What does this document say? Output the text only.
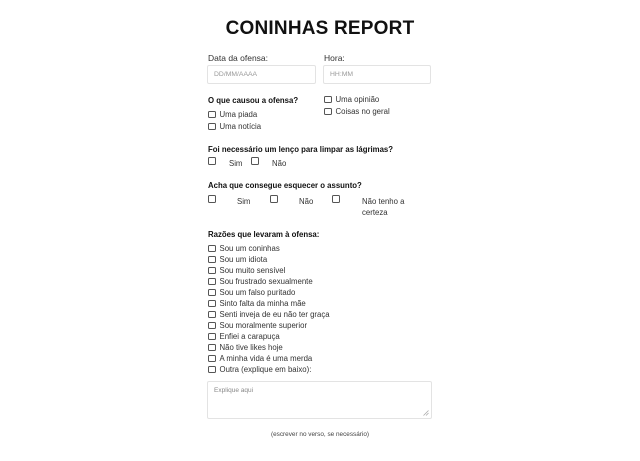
CONINHAS REPORT
Data da ofensa:
DD/MM/AAAA
Hora:
HH:MM
O que causou a ofensa?
Uma piada
Uma notícia
Uma opinião
Coisas no geral
Foi necessário um lenço para limpar as lágrimas?
Sim	Não
Acha que consegue esquecer o assunto?
Sim	Não	Não tenho a
certeza
Razões que levaram à ofensa:
Sou um coninhas
Sou um idiota
Sou muito sensível
Sou frustrado sexualmente
Sou um falso puritado
Sinto falta da minha mãe
Senti inveja de eu não ter graça
Sou moralmente superior
Enfiei a carapuça
Não tive likes hoje
A minha vida é uma merda
Outra (explique em baixo):
Explique aqui
(escrever no verso, se necessário)
